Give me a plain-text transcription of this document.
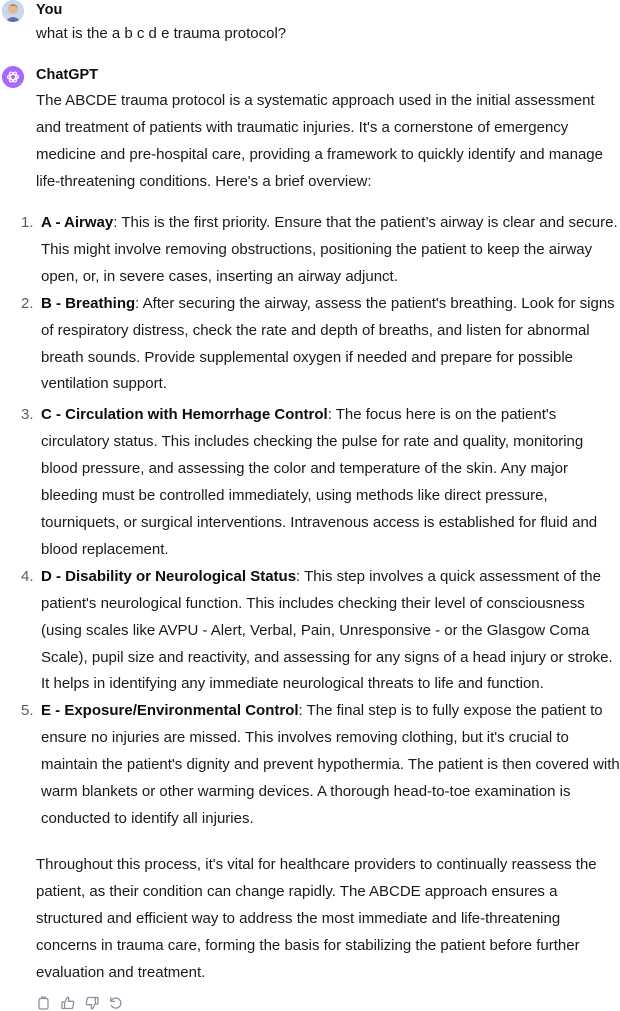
You
what is the a b c d e trauma protocol?
ChatGPT

The ABCDE trauma protocol is a systematic approach used in the initial assessment and treatment of patients with traumatic injuries. It's a cornerstone of emergency medicine and pre-hospital care, providing a framework to quickly identify and manage life-threatening conditions. Here's a brief overview:

1. A - Airway: This is the first priority. Ensure that the patient’s airway is clear and secure. This might involve removing obstructions, positioning the patient to keep the airway open, or, in severe cases, inserting an airway adjunct.
2. B - Breathing: After securing the airway, assess the patient's breathing. Look for signs of respiratory distress, check the rate and depth of breaths, and listen for abnormal breath sounds. Provide supplemental oxygen if needed and prepare for possible ventilation support.
3. C - Circulation with Hemorrhage Control: The focus here is on the patient's circulatory status. This includes checking the pulse for rate and quality, monitoring blood pressure, and assessing the color and temperature of the skin. Any major bleeding must be controlled immediately, using methods like direct pressure, tourniquets, or surgical interventions. Intravenous access is established for fluid and blood replacement.
4. D - Disability or Neurological Status: This step involves a quick assessment of the patient's neurological function. This includes checking their level of consciousness (using scales like AVPU - Alert, Verbal, Pain, Unresponsive - or the Glasgow Coma Scale), pupil size and reactivity, and assessing for any signs of a head injury or stroke. It helps in identifying any immediate neurological threats to life and function.
5. E - Exposure/Environmental Control: The final step is to fully expose the patient to ensure no injuries are missed. This involves removing clothing, but it's crucial to maintain the patient's dignity and prevent hypothermia. The patient is then covered with warm blankets or other warming devices. A thorough head-to-toe examination is conducted to identify all injuries.

Throughout this process, it's vital for healthcare providers to continually reassess the patient, as their condition can change rapidly. The ABCDE approach ensures a structured and efficient way to address the most immediate and life-threatening concerns in trauma care, forming the basis for stabilizing the patient before further evaluation and treatment.
